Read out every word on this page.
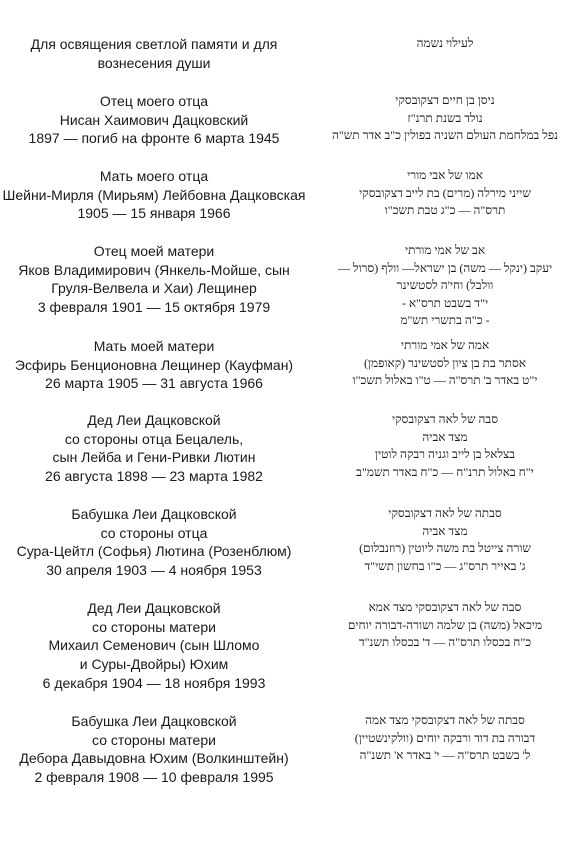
Для освящения светлой памяти и для
вознесения души
לעילוי נשמה
Отец моего отца
Нисан Хаимович Дацковский
1897 — погиб на фронте 6 марта 1945
ניסן בן חיים דצקובסקי
נולד בשנת תרנ"ז
נפל במלחמת העולם השניה בפולין כ"ב אדר תש"ה
Мать моего отца
Шейни-Мирля (Мирьям) Лейбовна Дацковская
1905 — 15 января 1966
אמו של אבי מורי
שייני מירלה (מרים) בת לייב דצקובסקי
תרס"ה — כ"ג טבת תשכ"ו
Отец моей матери
Яков Владимирович (Янкель-Мойше, сын
Груля-Велвела и Хаи) Лещинер
3 февраля 1901 — 15 октября 1979
אב של אמי מורתי
יעקב (ינקל — משה) בן ישראל— וולף (סרול —
וולבל) וחי'ה לסטשינר
י"ד בשבט תרס"א -
- כ"ה בתשרי תש"מ
Мать моей матери
Эсфирь Бенционовна Лещинер (Кауфман)
26 марта 1905 — 31 августа 1966
אמה של אמי מורתי
אסתר בת בן ציון לסטשינר (קאופמן)
י"ט באדר ב' תרס"ה — ט"ו באלול תשכ"ו
Дед Леи Дацковской
со стороны отца Бецалель,
сын Лейба и Гени-Ривки Лютин
26 августа 1898 — 23 марта 1982
סבה של לאה דצקובסקי
מצד אביה
בצלאל בן לייב וגניה רבקה לוטין
י"ח באלול תרנ"ח — כ"ח באדר תשמ"ב
Бабушка Леи Дацковской
со стороны отца
Сура-Цейтл (Софья) Лютина (Розенблюм)
30 апреля 1903 — 4 ноября 1953
סבתה של לאה דצקובסקי
מצד אביה
שורה צייטל בת משה ליוטין (רוזנבלום)
ג' באייר תרס"ג — כ"ו בחשון תשי"ד
Дед Леи Дацковской
со стороны матери
Михаил Семенович (сын Шломо
и Суры-Двойры) Юхим
6 декабря 1904 — 18 ноября 1993
סבה של לאה דצקובסקי מצד אמא
מיכאל (משה) בן שלמה ושורה-דבורה יוחים
כ"ח בכסלו תרס"ה — ד' בכסלו תשנ"ד
Бабушка Леи Дацковской
со стороны матери
Дебора Давыдовна Юхим (Волкинштейн)
2 февраля 1908 — 10 февраля 1995
סבתה של לאה דצקובסקי מצד אמה
דבורה בת דוד ורבקה יוחים (וולקינשטיין)
ל' בשבט תרס"ה — י' באדר א' תשנ"ה
